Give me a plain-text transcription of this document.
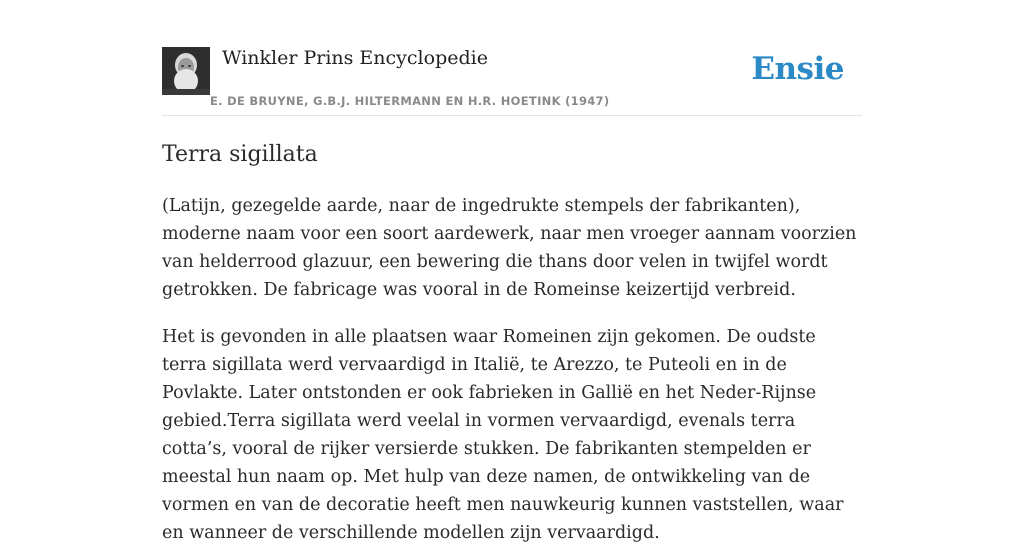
Winkler Prins Encyclopedie
E. DE BRUYNE, G.B.J. HILTERMANN EN H.R. HOETINK (1947)
Ensie
Terra sigillata

(Latijn, gezegelde aarde, naar de ingedrukte stempels der fabrikanten), moderne naam voor een soort aardewerk, naar men vroeger aannam voorzien van helderrood glazuur, een bewering die thans door velen in twijfel wordt getrokken. De fabricage was vooral in de Romeinse keizertijd verbreid.

Het is gevonden in alle plaatsen waar Romeinen zijn gekomen. De oudste terra sigillata werd vervaardigd in Italië, te Arezzo, te Puteoli en in de Povlakte. Later ontstonden er ook fabrieken in Gallië en het Neder-Rijnse gebied.Terra sigillata werd veelal in vormen vervaardigd, evenals terra cotta’s, vooral de rijker versierde stukken. De fabrikanten stempelden er meestal hun naam op. Met hulp van deze namen, de ontwikkeling van de vormen en van de decoratie heeft men nauwkeurig kunnen vaststellen, waar en wanneer de verschillende modellen zijn vervaardigd.
